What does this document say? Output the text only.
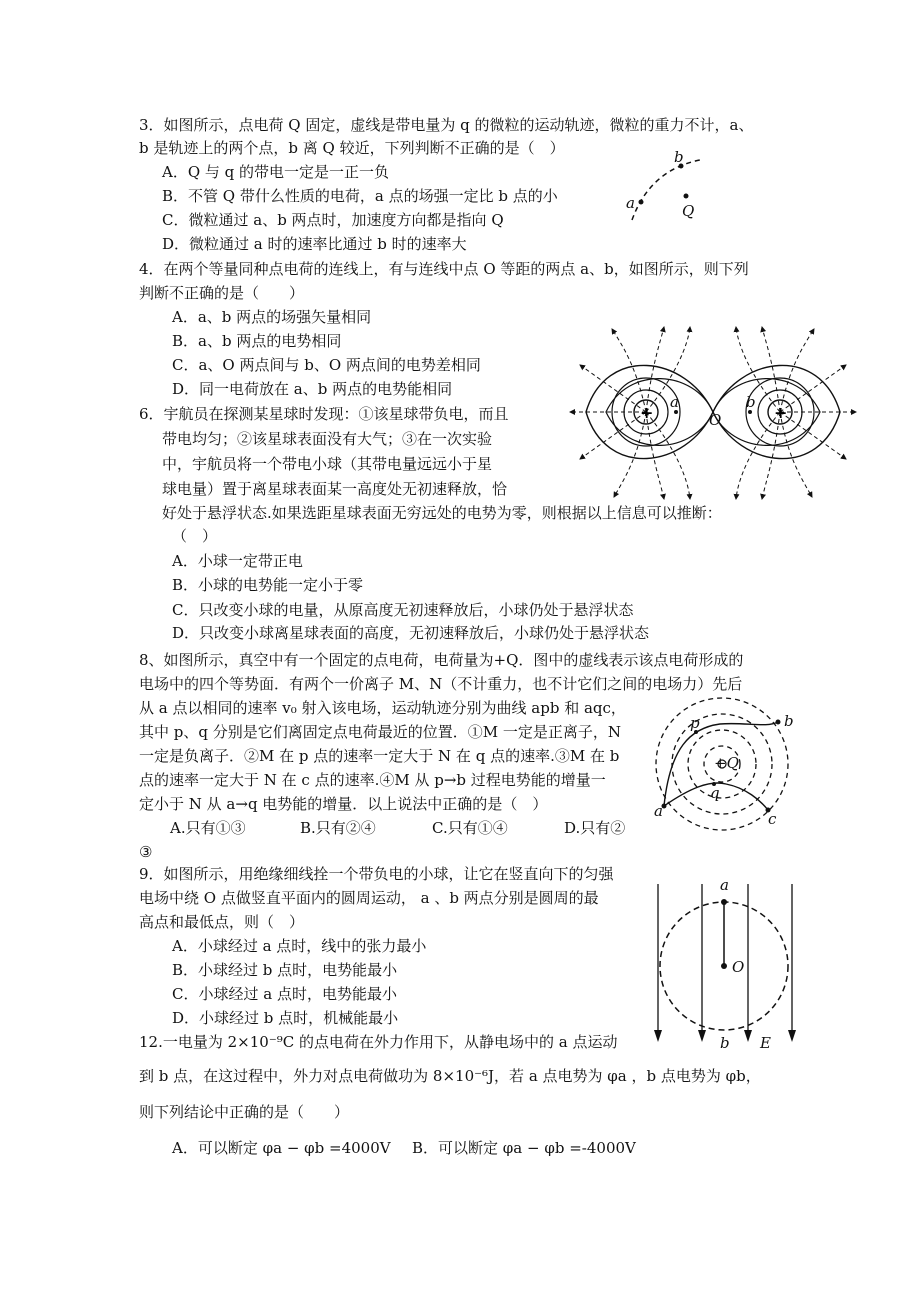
3．如图所示，点电荷 Q 固定，虚线是带电量为 q 的微粒的运动轨迹，微粒的重力不计，a、
b 是轨迹上的两个点，b 离 Q 较近，下列判断不正确的是（　）
A．Q 与 q 的带电一定是一正一负
B．不管 Q 带什么性质的电荷，a 点的场强一定比 b 点的小
C．微粒通过 a、b 两点时，加速度方向都是指向 Q
D．微粒通过 a 时的速率比通过 b 时的速率大
a
b
Q
4．在两个等量同种点电荷的连线上，有与连线中点 O 等距的两点 a、b，如图所示，则下列
判断不正确的是（　　）
A．a、b 两点的场强矢量相同
B．a、b 两点的电势相同
C．a、O 两点间与 b、O 两点间的电势差相同
D．同一电荷放在 a、b 两点的电势能相同
+	+
a	b
O
6．宇航员在探测某星球时发现：①该星球带负电，而且
带电均匀；②该星球表面没有大气；③在一次实验
中，宇航员将一个带电小球（其带电量远远小于星
球电量）置于离星球表面某一高度处无初速释放，恰
好处于悬浮状态.如果选距星球表面无穷远处的电势为零，则根据以上信息可以推断：
（　）
A．小球一定带正电
B．小球的电势能一定小于零
C．只改变小球的电量，从原高度无初速释放后，小球仍处于悬浮状态
D．只改变小球离星球表面的高度，无初速释放后，小球仍处于悬浮状态
8、如图所示，真空中有一个固定的点电荷，电荷量为+Q．图中的虚线表示该点电荷形成的
电场中的四个等势面．有两个一价离子 M、N（不计重力，也不计它们之间的电场力）先后
从 a 点以相同的速率 v₀ 射入该电场，运动轨迹分别为曲线 apb 和 aqc，
其中 p、q 分别是它们离固定点电荷最近的位置．①M 一定是正离子，N
一定是负离子．②M 在 p 点的速率一定大于 N 在 q 点的速率.③M 在 b
点的速率一定大于 N 在 c 点的速率.④M 从 p→b 过程电势能的增量一
定小于 N 从 a→q 电势能的增量．以上说法中正确的是（　）
A.只有①③	B.只有②④	C.只有①④	D.只有②
③
a
b
c
p
q
+Q
9．如图所示，用绝缘细线拴一个带负电的小球，让它在竖直向下的匀强
电场中绕 O 点做竖直平面内的圆周运动， a 、b 两点分别是圆周的最
高点和最低点，则（　）
A．小球经过 a 点时，线中的张力最小
B．小球经过 b 点时，电势能最小
C．小球经过 a 点时，电势能最小
D．小球经过 b 点时，机械能最小
a
O
b E
12.一电量为 2×10⁻⁹C 的点电荷在外力作用下，从静电场中的 a 点运动
到 b 点，在这过程中，外力对点电荷做功为 8×10⁻⁶J，若 a 点电势为 φa ，b 点电势为 φb，
则下列结论中正确的是（　　）
A．可以断定 φa − φb =4000V B．可以断定 φa − φb =-4000V
